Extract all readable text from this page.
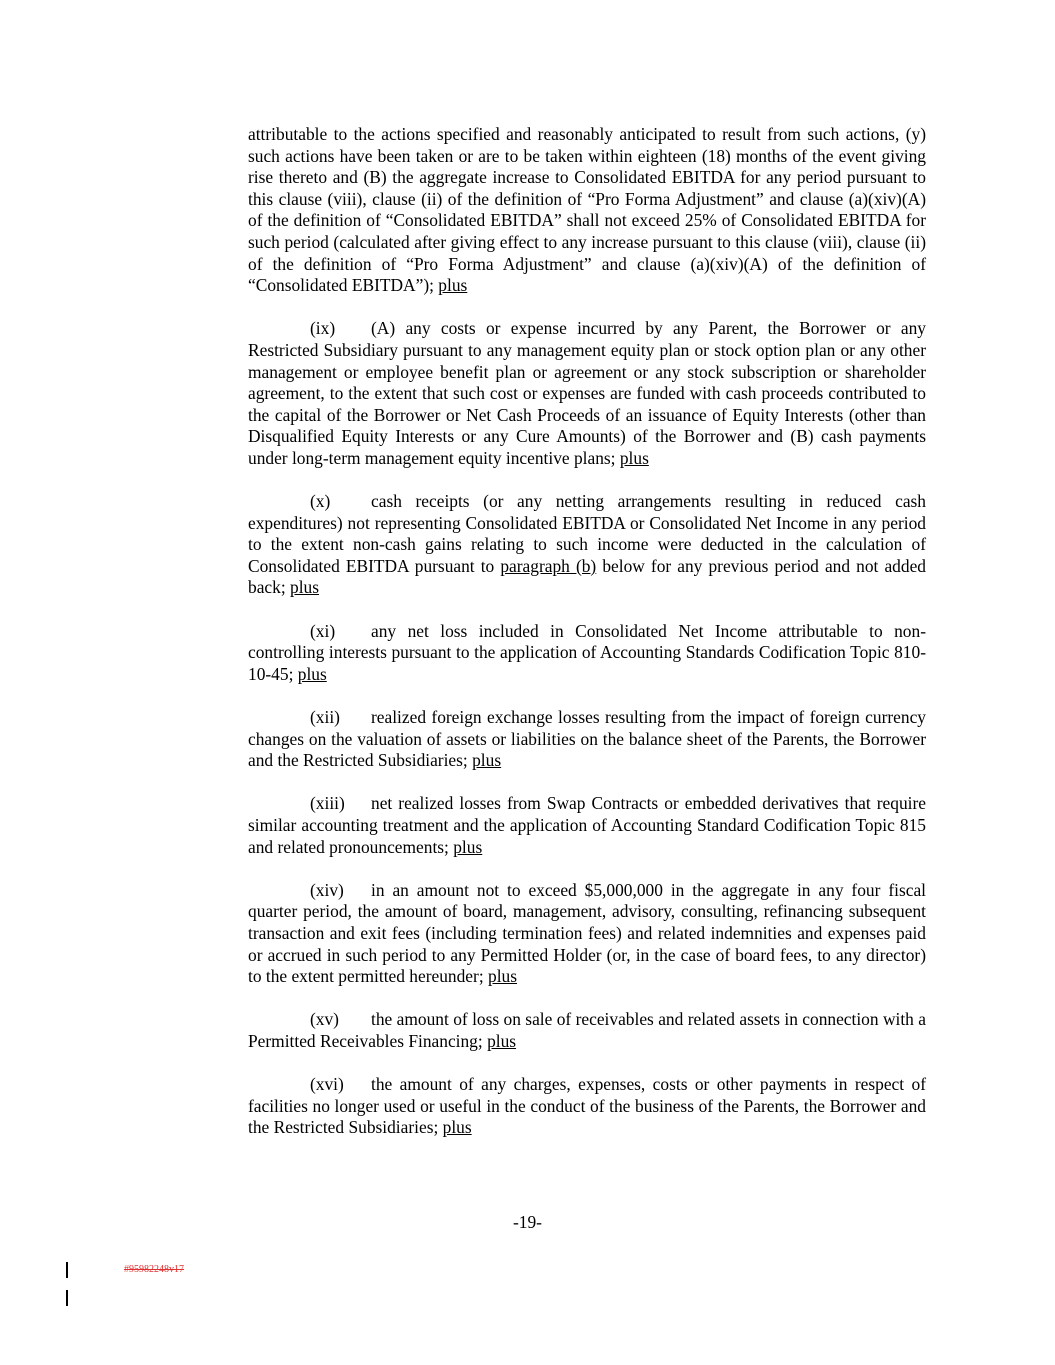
attributable to the actions specified and reasonably anticipated to result from such actions, (y) such actions have been taken or are to be taken within eighteen (18) months of the event giving rise thereto and (B) the aggregate increase to Consolidated EBITDA for any period pursuant to this clause (viii), clause (ii) of the definition of “Pro Forma Adjustment” and clause (a)(xiv)(A) of the definition of “Consolidated EBITDA” shall not exceed 25% of Consolidated EBITDA for such period (calculated after giving effect to any increase pursuant to this clause (viii), clause (ii) of the definition of “Pro Forma Adjustment” and clause (a)(xiv)(A) of the definition of “Consolidated EBITDA”); plus

(ix) (A) any costs or expense incurred by any Parent, the Borrower or any Restricted Subsidiary pursuant to any management equity plan or stock option plan or any other management or employee benefit plan or agreement or any stock subscription or shareholder agreement, to the extent that such cost or expenses are funded with cash proceeds contributed to the capital of the Borrower or Net Cash Proceeds of an issuance of Equity Interests (other than Disqualified Equity Interests or any Cure Amounts) of the Borrower and (B) cash payments under long-term management equity incentive plans; plus

(x) cash receipts (or any netting arrangements resulting in reduced cash expenditures) not representing Consolidated EBITDA or Consolidated Net Income in any period to the extent non-cash gains relating to such income were deducted in the calculation of Consolidated EBITDA pursuant to paragraph (b) below for any previous period and not added back; plus

(xi) any net loss included in Consolidated Net Income attributable to non-controlling interests pursuant to the application of Accounting Standards Codification Topic 810-10-45; plus

(xii) realized foreign exchange losses resulting from the impact of foreign currency changes on the valuation of assets or liabilities on the balance sheet of the Parents, the Borrower and the Restricted Subsidiaries; plus

(xiii) net realized losses from Swap Contracts or embedded derivatives that require similar accounting treatment and the application of Accounting Standard Codification Topic 815 and related pronouncements; plus

(xiv) in an amount not to exceed $5,000,000 in the aggregate in any four fiscal quarter period, the amount of board, management, advisory, consulting, refinancing subsequent transaction and exit fees (including termination fees) and related indemnities and expenses paid or accrued in such period to any Permitted Holder (or, in the case of board fees, to any director) to the extent permitted hereunder; plus

(xv) the amount of loss on sale of receivables and related assets in connection with a Permitted Receivables Financing; plus

(xvi) the amount of any charges, expenses, costs or other payments in respect of facilities no longer used or useful in the conduct of the business of the Parents, the Borrower and the Restricted Subsidiaries; plus

-19-
#95982248v17
